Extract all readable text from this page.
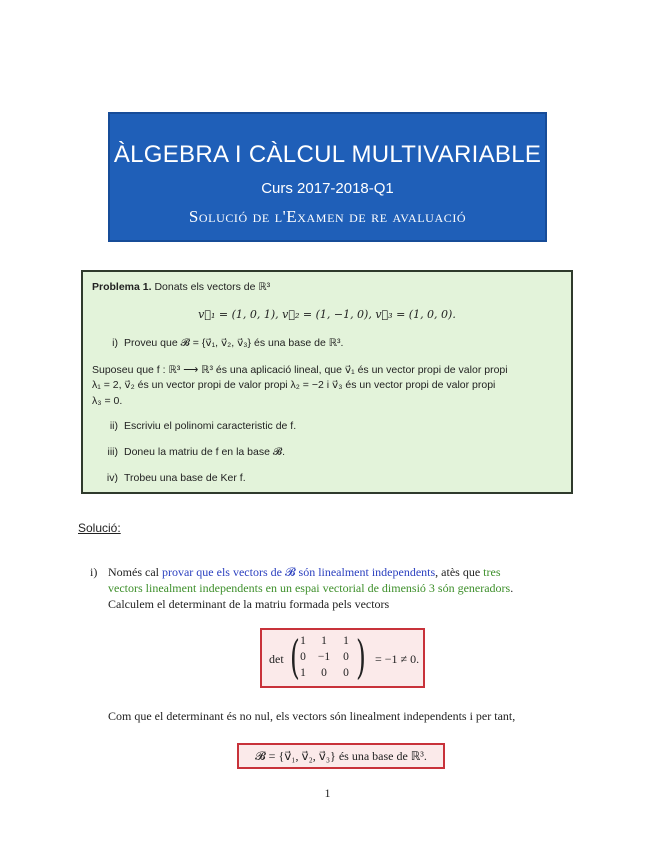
ÀLGEBRA I CÀLCUL MULTIVARIABLE
Curs 2017-2018-Q1
Solució de l'Examen de re avaluació
Problema 1. Donats els vectors de ℝ³
v⃗₁ = (1, 0, 1), v⃗₂ = (1, −1, 0), v⃗₃ = (1, 0, 0).
i) Proveu que 𝓑 = {v⃗₁, v⃗₂, v⃗₃} és una base de ℝ³.
Suposeu que f : ℝ³ ⟶ ℝ³ és una aplicació lineal, que v⃗₁ és un vector propi de valor propi
λ₁ = 2, v⃗₂ és un vector propi de valor propi λ₂ = −2 i v⃗₃ és un vector propi de valor propi
λ₃ = 0.
ii) Escriviu el polinomi caracteristic de f.
iii) Doneu la matriu de f en la base 𝓑.
iv) Trobeu una base de Ker f.
Solució:
i) Només cal provar que els vectors de 𝓑 són linealment independents, atès que tres
vectors linealment independents en un espai vectorial de dimensió 3 són generadors.
Calculem el determinant de la matriu formada pels vectors
det ( 1	1	1
0	−1	0
1	0	0 ) = −1 ≠ 0.
Com que el determinant és no nul, els vectors són linealment independents i per tant,
𝓑 = {v⃗₁, v⃗₂, v⃗₃} és una base de ℝ³.
1
